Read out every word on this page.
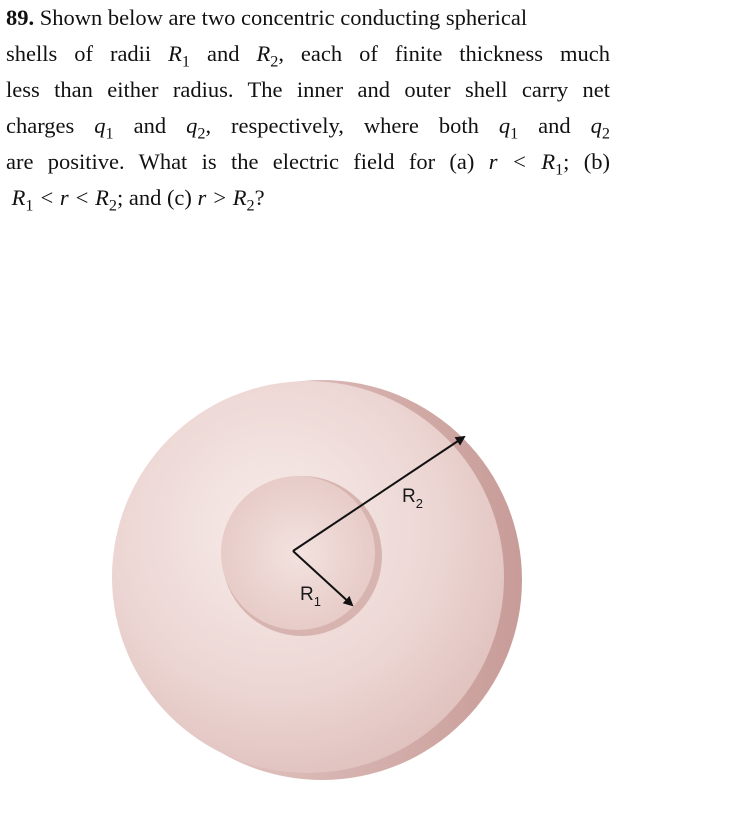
89. Shown below are two concentric conducting spherical
shells of radii $R_1$ and $R_2$, each of finite thickness much
less than either radius. The inner and outer shell carry net
charges $q_1$ and $q_2$, respectively, where both $q_1$ and $q_2$
are positive. What is the electric field for (a) $r < R_1$; (b)
$R_1 < r < R_2$; and (c) $r > R_2$?
$R_2$
$R_1$
